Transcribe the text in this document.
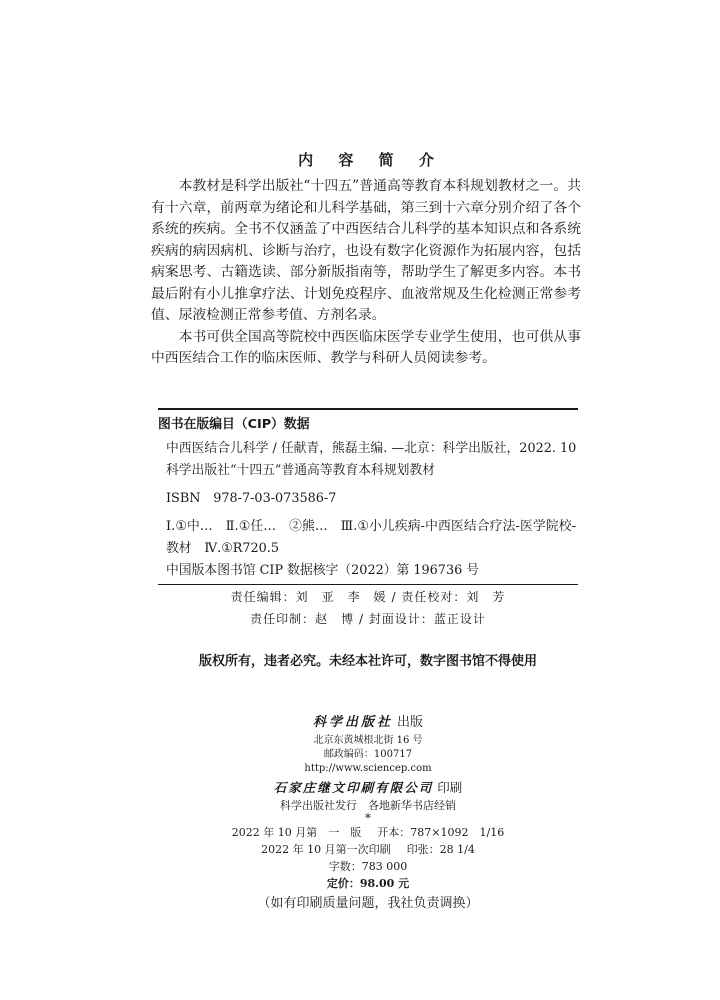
内 容 简 介

本教材是科学出版社“十四五”普通高等教育本科规划教材之一。共有十六章，前两章为绪论和儿科学基础，第三到十六章分别介绍了各个系统的疾病。全书不仅涵盖了中西医结合儿科学的基本知识点和各系统疾病的病因病机、诊断与治疗，也设有数字化资源作为拓展内容，包括病案思考、古籍选读、部分新版指南等，帮助学生了解更多内容。本书最后附有小儿推拿疗法、计划免疫程序、血液常规及生化检测正常参考值、尿液检测正常参考值、方剂名录。

本书可供全国高等院校中西医临床医学专业学生使用，也可供从事中西医结合工作的临床医师、教学与科研人员阅读参考。

图书在版编目（CIP）数据
中西医结合儿科学 / 任献青，熊磊主编. —北京：科学出版社，2022. 10
科学出版社“十四五”普通高等教育本科规划教材
ISBN　978-7-03-073586-7
Ⅰ.①中…　Ⅱ.①任…　②熊…　Ⅲ.①小儿疾病-中西医结合疗法-医学院校-教材　Ⅳ.①R720.5
中国版本图书馆 CIP 数据核字（2022）第 196736 号
责任编辑：刘　亚　李　媛 / 责任校对：刘　芳
责任印制：赵　博 / 封面设计：蓝正设计
版权所有，违者必究。未经本社许可，数字图书馆不得使用
科学出版社 出版
北京东黄城根北街 16 号
邮政编码：100717
http://www.sciencep.com
石家庄继文印刷有限公司 印刷
科学出版社发行　各地新华书店经销
*
2022 年 10 月第　一　版 开本：787×1092　1/16
2022 年 10 月第一次印刷 印张：28 1/4
字数：783 000
定价：98.00 元
（如有印刷质量问题，我社负责调换）
